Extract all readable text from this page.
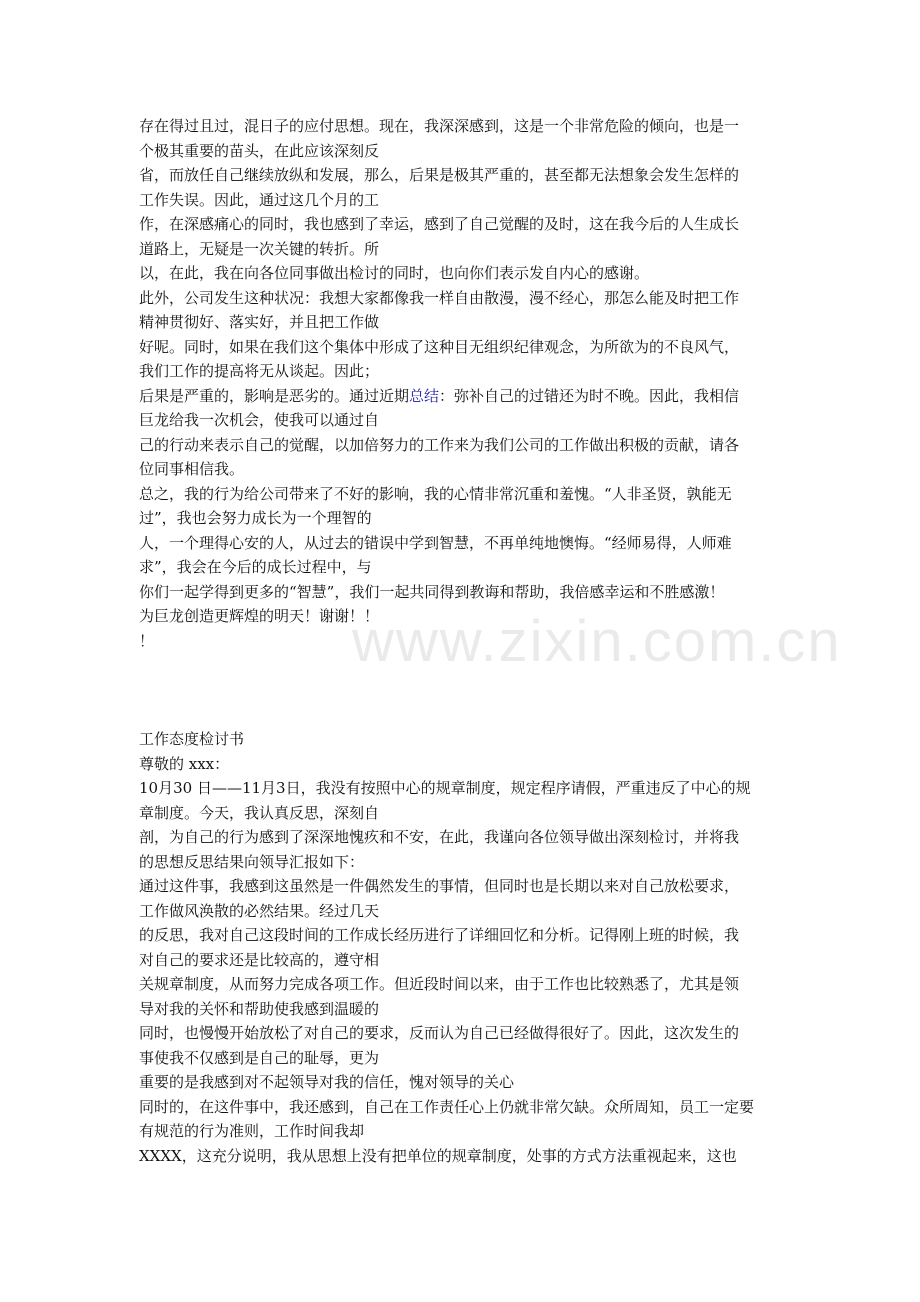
www.zixin.com.cn
存在得过且过，混日子的应付思想。现在，我深深感到，这是一个非常危险的倾向，也是一
个极其重要的苗头，在此应该深刻反
省，而放任自己继续放纵和发展，那么，后果是极其严重的，甚至都无法想象会发生怎样的
工作失误。因此，通过这几个月的工
作，在深感痛心的同时，我也感到了幸运，感到了自己觉醒的及时，这在我今后的人生成长
道路上，无疑是一次关键的转折。所
以，在此，我在向各位同事做出检讨的同时，也向你们表示发自内心的感谢。
此外，公司发生这种状况：我想大家都像我一样自由散漫，漫不经心，那怎么能及时把工作
精神贯彻好、落实好，并且把工作做
好呢。同时，如果在我们这个集体中形成了这种目无组织纪律观念，为所欲为的不良风气，
我们工作的提高将无从谈起。因此；
后果是严重的，影响是恶劣的。通过近期总结：弥补自己的过错还为时不晚。因此，我相信
巨龙给我一次机会，使我可以通过自
己的行动来表示自己的觉醒，以加倍努力的工作来为我们公司的工作做出积极的贡献，请各
位同事相信我。
总之，我的行为给公司带来了不好的影响，我的心情非常沉重和羞愧。“人非圣贤，孰能无
过”，我也会努力成长为一个理智的
人，一个理得心安的人，从过去的错误中学到智慧，不再单纯地懊悔。“经师易得，人师难
求”，我会在今后的成长过程中，与
你们一起学得到更多的“智慧”，我们一起共同得到教诲和帮助，我倍感幸运和不胜感激！
为巨龙创造更辉煌的明天！谢谢！！
！
工作态度检讨书
尊敬的 xxx：
10月30 日——11月3日，我没有按照中心的规章制度，规定程序请假，严重违反了中心的规
章制度。今天，我认真反思，深刻自
剖，为自己的行为感到了深深地愧疚和不安，在此，我谨向各位领导做出深刻检讨，并将我
的思想反思结果向领导汇报如下：
通过这件事，我感到这虽然是一件偶然发生的事情，但同时也是长期以来对自己放松要求，
工作做风涣散的必然结果。经过几天
的反思，我对自己这段时间的工作成长经历进行了详细回忆和分析。记得刚上班的时候，我
对自己的要求还是比较高的，遵守相
关规章制度，从而努力完成各项工作。但近段时间以来，由于工作也比较熟悉了，尤其是领
导对我的关怀和帮助使我感到温暖的
同时，也慢慢开始放松了对自己的要求，反而认为自己已经做得很好了。因此，这次发生的
事使我不仅感到是自己的耻辱，更为
重要的是我感到对不起领导对我的信任，愧对领导的关心
同时的，在这件事中，我还感到，自己在工作责任心上仍就非常欠缺。众所周知，员工一定要
有规范的行为准则，工作时间我却
XXXX，这充分说明，我从思想上没有把单位的规章制度，处事的方式方法重视起来，这也
